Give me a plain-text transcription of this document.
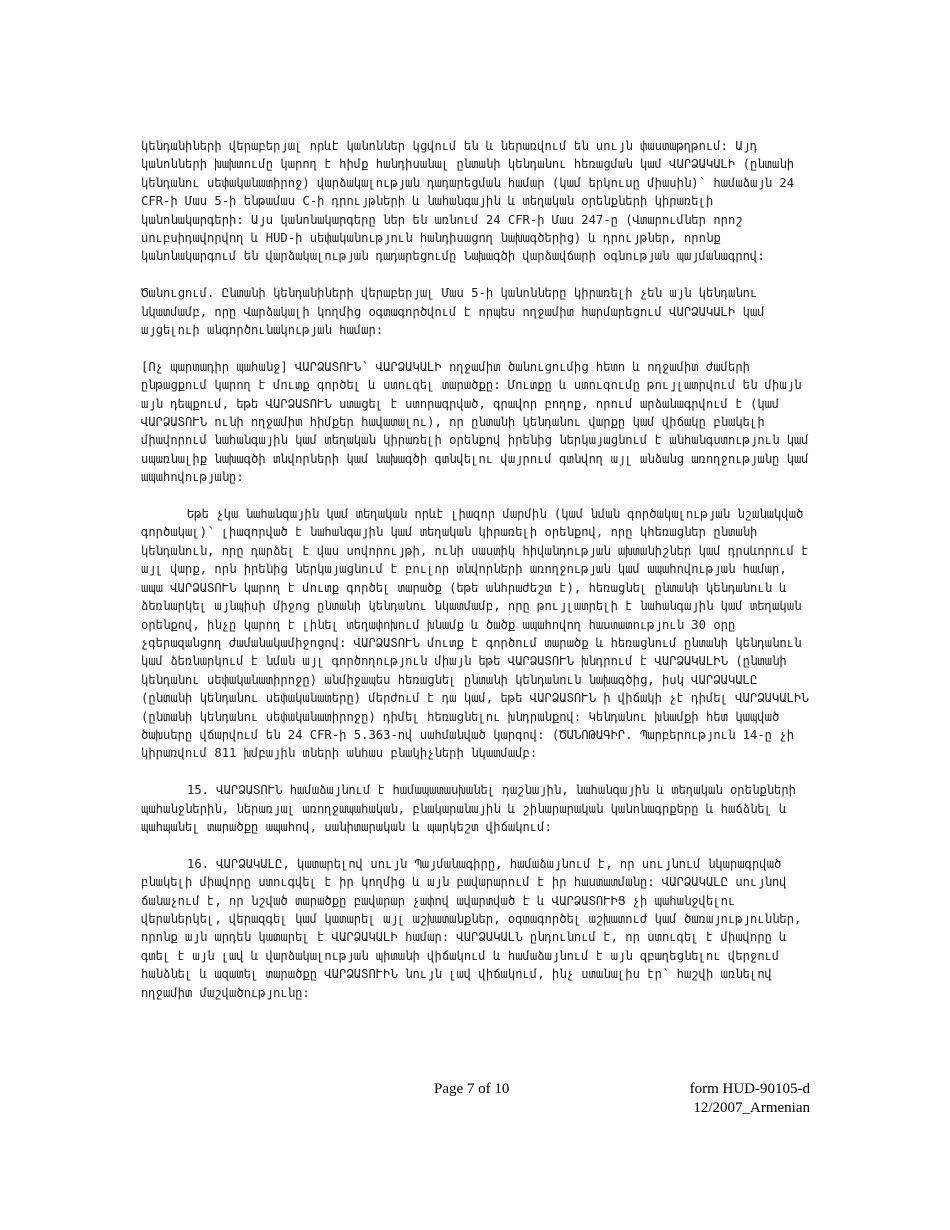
կենդանիների վերաբերյալ որևէ կանոններ կցվում են և ներառվում են սույն փաստաթղթում: Այդ կանոնների խախտումը կարող է հիմք հանդիսանալ ընտանի կենդանու հեռացման կամ ՎԱՐՁԱԿԱԼԻ (ընտանի կենդանու սեփականատիրոջ) վարձակալության դադարեցման համար (կամ երկուսը միասին)՝ համաձայն 24 CFR-ի Մաս 5-ի ենթամաս C-ի դրույթների և նահանգային և տեղական օրենքների կիրառելի կանոնակարգերի: Այս կանոնակարգերը ներ են առնում 24 CFR-ի Մաս 247-ը (Վտարումներ որոշ սուբսիդավորվող և HUD-ի սեփականություն հանդիսացող նախագծերից) և դրույթներ, որոնք կանոնակարգում են վարձակալության դադարեցումը Նախագծի վարձավճարի օգնության պայմանագրով:

Ծանուցում. Ընտանի կենդանիների վերաբերյալ Մաս 5-ի կանոնները կիրառելի չեն այն կենդանու նկատմամբ, որը Վարձակալի կողմից օգտագործվում է որպես ողջամիտ հարմարեցում ՎԱՐՁԱԿԱԼԻ կամ այցելուի անգործունակության համար:

[Ոչ պարտադիր պահանջ] ՎԱՐՁԱՏՈՒՆ՝ ՎԱՐՁԱԿԱԼԻ ողջամիտ ծանուցումից հետո և ողջամիտ ժամերի ընթացքում կարող է մուտք գործել և ստուգել տարածքը: Մուտքը և ստուգումը թույլատրվում են միայն այն դեպքում, եթե ՎԱՐՁԱՏՈՒՆ ստացել է ստորագրված, գրավոր բողոք, որում արձանագրվում է (կամ ՎԱՐՁԱՏՈՒՆ ունի ողջամիտ հիմքեր հավատալու), որ ընտանի կենդանու վարքը կամ վիճակը բնակելի միավորում նահանգային կամ տեղական կիրառելի օրենքով իրենից ներկայացնում է անհանգստություն կամ սպառնալիք նախագծի տնվորների կամ նախագծի գտնվելու վայրում գտնվող այլ անձանց առողջությանը կամ ապահովությանը:

Եթե չկա նահանգային կամ տեղական որևէ լիազոր մարմին (կամ նման գործակալության նշանակված գործակալ)՝ լիազորված է նահանգային կամ տեղական կիրառելի օրենքով, որը կհեռացներ ընտանի կենդանուն, որը դարձել է վաս սովորույթի, ունի սաստիկ հիվանդության ախտանիշներ կամ դրսևորում է այլ վարք, որն իրենից ներկայացնում է բուլոր տնվորների առողջության կամ ապահովության համար, ապա ՎԱՐՁԱՏՈՒՆ կարող է մուտք գործել տարածք (եթե անհրաժեշտ է), հեռացնել ընտանի կենդանուն և ձեռնարկել այնպիսի միջոց ընտանի կենդանու նկատմամբ, որը թույլատրելի է նահանգային կամ տեղական օրենքով, ինչը կարող է լինել տեղափոխում խնամք և ծածք ապահովող հաստատություն 30 օրը չգերազանցող ժամանակամիջոցով: ՎԱՐՁԱՏՈՒՆ մուտք է գործում տարածք և հեռացնում ընտանի կենդանուն կամ ձեռնարկում է նման այլ գործողություն միայն եթե ՎԱՐՁԱՏՈՒՆ խնդրում է ՎԱՐՁԱԿԱԼԻՆ (ընտանի կենդանու սեփականատիրոջը) անմիջապես հեռացնել ընտանի կենդանուն նախագծից, իսկ ՎԱՐՁԱԿԱԼԸ (ընտանի կենդանու սեփականատերը) մերժում է դա կամ, եթե ՎԱՐՁԱՏՈՒՆ ի վիճակի չէ դիմել ՎԱՐՁԱԿԱԼԻՆ (ընտանի կենդանու սեփականատիրոջը) դիմել հեռացնելու խնդրանքով: Կենդանու խնամքի հետ կապված ծախսերը վճարվում են 24 CFR-ի 5.363-ով սահմանված կարգով: (ԾԱՆՈԹԱԳԻՐ. Պարբերություն 14-ը չի կիրառվում 811 խմբային տների անհաս բնակիչների նկատմամբ:

15. ՎԱՐՁԱՏՈՒՆ համաձայնում է համապատասխանել դաշնային, նահանգային և տեղական օրենքների պահանջներին, ներառյալ առողջապահական, բնակարանային և շինարարական կանոնագրքերը և հաճձնել և պահպանել տարածքը ապահով, սանիտարական և պարկեշտ վիճակում:

16. ՎԱՐՁԱԿԱԼԸ, կատարելով սույն Պայմանագիրը, համաձայնում է, որ սույնում նկարագրված բնակելի միավորը ստուգվել է իր կողմից և այն բավարարում է իր հաստատմանը: ՎԱՐՁԱԿԱԼԸ սույնով ճանաչում է, որ նշված տարածքը բավարար չափով ավարտված է և ՎԱՐՁԱՏՈՒԻՑ չի պահանջվելու վերաներկել, վերազգել կամ կատարել այլ աշխատանքներ, օգտագործել աշխատուժ կամ ծառայություններ, որոնք այն արդեն կատարել է ՎԱՐՁԱԿԱԼԻ համար: ՎԱՐՁԱԿԱԼՆ ընդունում է, որ ստուգել է միավորը և գտել է այն լավ և վարձակալության պիտանի վիճակում և համաձայնում է այն զբաղեցնելու վերջում հանձնել և ազատել տարածքը ՎԱՐՁԱՏՈՒԻՆ նույն լավ վիճակում, ինչ ստանալիս էր՝ հաշվի առնելով ողջամիտ մաշվածությունը:

Page 7 of 10	form HUD-90105-d
12/2007_Armenian
